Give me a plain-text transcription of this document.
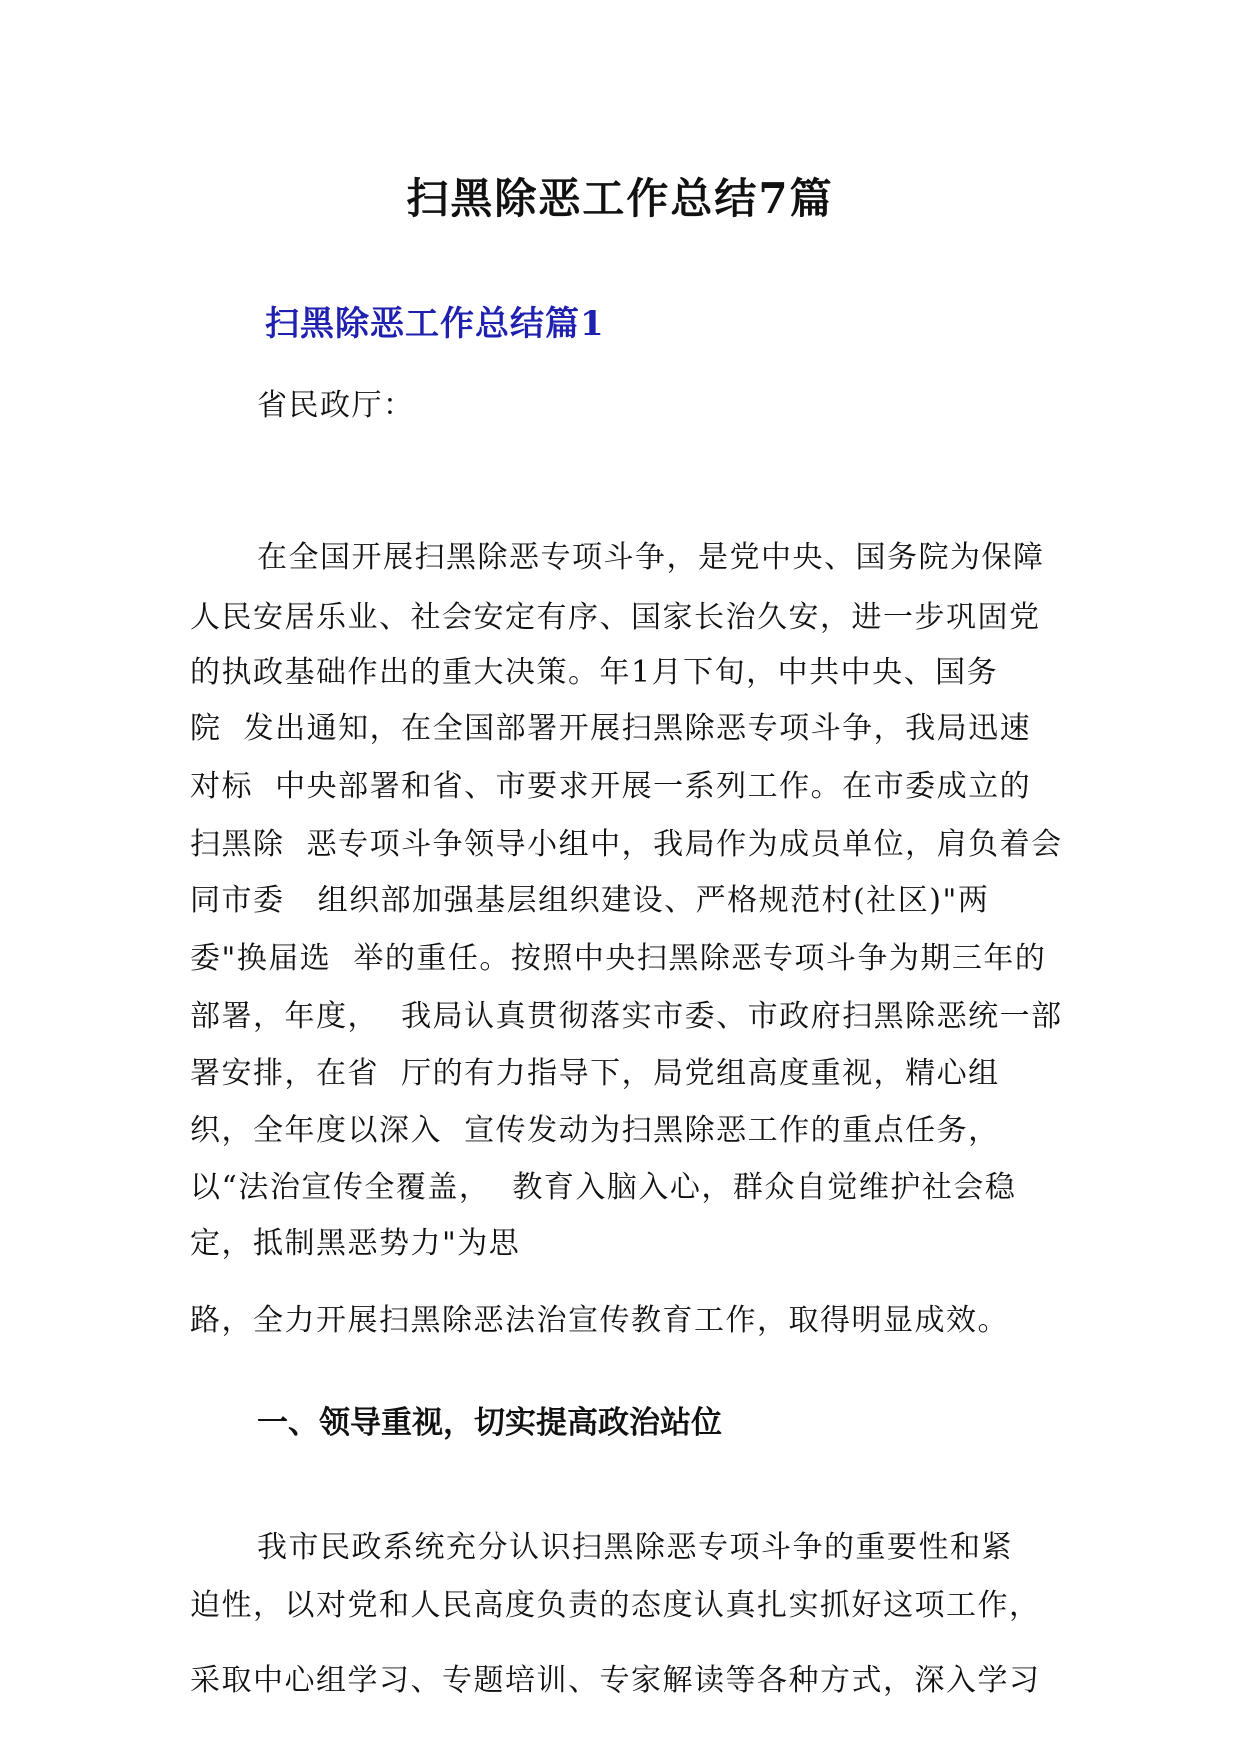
扫黑除恶工作总结7篇
扫黑除恶工作总结篇1

省民政厅：

在全国开展扫黑除恶专项斗争，是党中央、国务院为保障

人民安居乐业、社会安定有序、国家长治久安，进一步巩固党

的执政基础作出的重大决策。年1月下旬，中共中央、国务

院  发出通知，在全国部署开展扫黑除恶专项斗争，我局迅速

对标  中央部署和省、市要求开展一系列工作。在市委成立的

扫黑除  恶专项斗争领导小组中，我局作为成员单位，肩负着会

同市委   组织部加强基层组织建设、严格规范村(社区)"两

委"换届选  举的重任。按照中央扫黑除恶专项斗争为期三年的

部署，年度，  我局认真贯彻落实市委、市政府扫黑除恶统一部

署安排，在省  厅的有力指导下，局党组高度重视，精心组

织，全年度以深入  宣传发动为扫黑除恶工作的重点任务，

以“法治宣传全覆盖，  教育入脑入心，群众自觉维护社会稳

定，抵制黑恶势力"为思

路，全力开展扫黑除恶法治宣传教育工作，取得明显成效。

一、领导重视，切实提高政治站位

我市民政系统充分认识扫黑除恶专项斗争的重要性和紧

迫性，以对党和人民高度负责的态度认真扎实抓好这项工作，

采取中心组学习、专题培训、专家解读等各种方式，深入学习
